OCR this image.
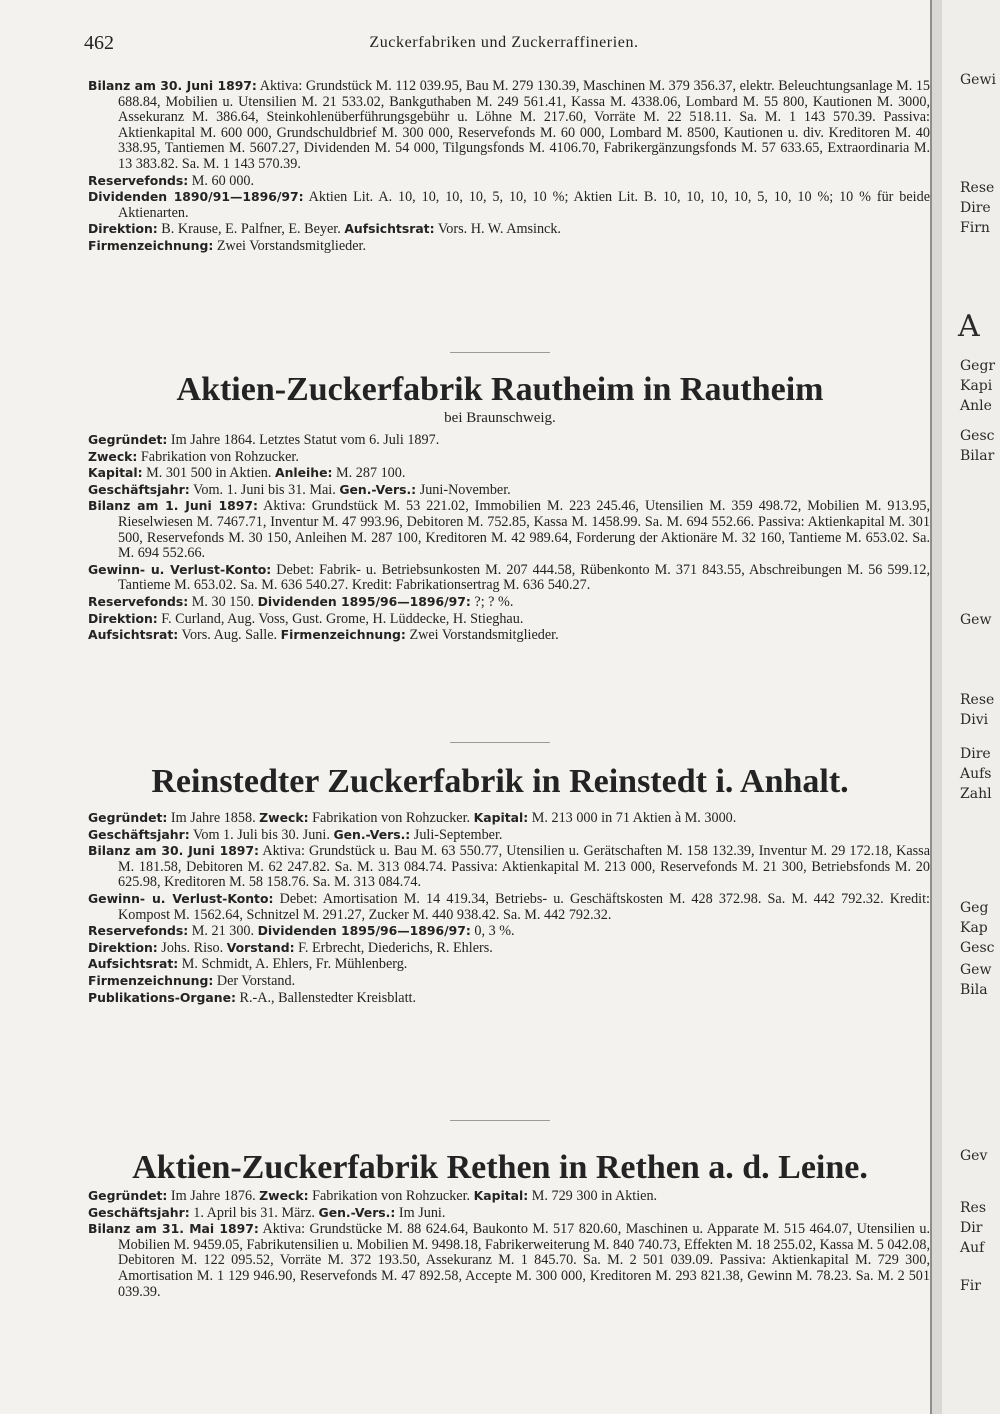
462	Zuckerfabriken und Zuckerraffinerien.

Bilanz am 30. Juni 1897: Aktiva: Grundstück M. 112 039.95, Bau M. 279 130.39, Maschinen M. 379 356.37, elektr. Beleuchtungsanlage M. 15 688.84, Mobilien u. Utensilien M. 21 533.02, Bankguthaben M. 249 561.41, Kassa M. 4338.06, Lombard M. 55 800, Kautionen M. 3000, Assekuranz M. 386.64, Steinkohlenüberführungsgebühr u. Löhne M. 217.60, Vorräte M. 22 518.11. Sa. M. 1 143 570.39. Passiva: Aktienkapital M. 600 000, Grundschuldbrief M. 300 000, Reservefonds M. 60 000, Lombard M. 8500, Kautionen u. div. Kreditoren M. 40 338.95, Tantiemen M. 5607.27, Dividenden M. 54 000, Tilgungsfonds M. 4106.70, Fabrikergänzungsfonds M. 57 633.65, Extraordinaria M. 13 383.82. Sa. M. 1 143 570.39.

Reservefonds: M. 60 000.

Dividenden 1890/91—1896/97: Aktien Lit. A. 10, 10, 10, 10, 5, 10, 10 %; Aktien Lit. B. 10, 10, 10, 10, 5, 10, 10 %; 10 % für beide Aktienarten.

Direktion: B. Krause, E. Palfner, E. Beyer. Aufsichtsrat: Vors. H. W. Amsinck.

Firmenzeichnung: Zwei Vorstandsmitglieder.

Aktien-Zuckerfabrik Rautheim in Rautheim
bei Braunschweig.

Gegründet: Im Jahre 1864. Letztes Statut vom 6. Juli 1897.

Zweck: Fabrikation von Rohzucker.

Kapital: M. 301 500 in Aktien. Anleihe: M. 287 100.

Geschäftsjahr: Vom. 1. Juni bis 31. Mai. Gen.-Vers.: Juni-November.

Bilanz am 1. Juni 1897: Aktiva: Grundstück M. 53 221.02, Immobilien M. 223 245.46, Utensilien M. 359 498.72, Mobilien M. 913.95, Rieselwiesen M. 7467.71, Inventur M. 47 993.96, Debitoren M. 752.85, Kassa M. 1458.99. Sa. M. 694 552.66. Passiva: Aktienkapital M. 301 500, Reservefonds M. 30 150, Anleihen M. 287 100, Kreditoren M. 42 989.64, Forderung der Aktionäre M. 32 160, Tantieme M. 653.02. Sa. M. 694 552.66.

Gewinn- u. Verlust-Konto: Debet: Fabrik- u. Betriebsunkosten M. 207 444.58, Rübenkonto M. 371 843.55, Abschreibungen M. 56 599.12, Tantieme M. 653.02. Sa. M. 636 540.27. Kredit: Fabrikationsertrag M. 636 540.27.

Reservefonds: M. 30 150. Dividenden 1895/96—1896/97: ?; ? %.

Direktion: F. Curland, Aug. Voss, Gust. Grome, H. Lüddecke, H. Stieghau.

Aufsichtsrat: Vors. Aug. Salle. Firmenzeichnung: Zwei Vorstandsmitglieder.

Reinstedter Zuckerfabrik in Reinstedt i. Anhalt.

Gegründet: Im Jahre 1858. Zweck: Fabrikation von Rohzucker. Kapital: M. 213 000 in 71 Aktien à M. 3000.

Geschäftsjahr: Vom 1. Juli bis 30. Juni. Gen.-Vers.: Juli-September.

Bilanz am 30. Juni 1897: Aktiva: Grundstück u. Bau M. 63 550.77, Utensilien u. Gerätschaften M. 158 132.39, Inventur M. 29 172.18, Kassa M. 181.58, Debitoren M. 62 247.82. Sa. M. 313 084.74. Passiva: Aktienkapital M. 213 000, Reservefonds M. 21 300, Betriebsfonds M. 20 625.98, Kreditoren M. 58 158.76. Sa. M. 313 084.74.

Gewinn- u. Verlust-Konto: Debet: Amortisation M. 14 419.34, Betriebs- u. Geschäftskosten M. 428 372.98. Sa. M. 442 792.32. Kredit: Kompost M. 1562.64, Schnitzel M. 291.27, Zucker M. 440 938.42. Sa. M. 442 792.32.

Reservefonds: M. 21 300. Dividenden 1895/96—1896/97: 0, 3 %.

Direktion: Johs. Riso. Vorstand: F. Erbrecht, Diederichs, R. Ehlers.

Aufsichtsrat: M. Schmidt, A. Ehlers, Fr. Mühlenberg.

Firmenzeichnung: Der Vorstand.

Publikations-Organe: R.-A., Ballenstedter Kreisblatt.

Aktien-Zuckerfabrik Rethen in Rethen a. d. Leine.

Gegründet: Im Jahre 1876. Zweck: Fabrikation von Rohzucker. Kapital: M. 729 300 in Aktien.

Geschäftsjahr: 1. April bis 31. März. Gen.-Vers.: Im Juni.

Bilanz am 31. Mai 1897: Aktiva: Grundstücke M. 88 624.64, Baukonto M. 517 820.60, Maschinen u. Apparate M. 515 464.07, Utensilien u. Mobilien M. 9459.05, Fabrikutensilien u. Mobilien M. 9498.18, Fabrikerweiterung M. 840 740.73, Effekten M. 18 255.02, Kassa M. 5 042.08, Debitoren M. 122 095.52, Vorräte M. 372 193.50, Assekuranz M. 1 845.70. Sa. M. 2 501 039.09. Passiva: Aktienkapital M. 729 300, Amortisation M. 1 129 946.90, Reservefonds M. 47 892.58, Accepte M. 300 000, Kreditoren M. 293 821.38, Gewinn M. 78.23. Sa. M. 2 501 039.39.

Gewi
Rese
Dire
Firn
A
Gegr
Kapi
Anle
Gesc
Bilar
Gew
Rese
Divi
Dire
Aufs
Zahl
Geg
Kap
Gesc
Gew
Bila
Gev
Res
Dir
Auf
Fir
